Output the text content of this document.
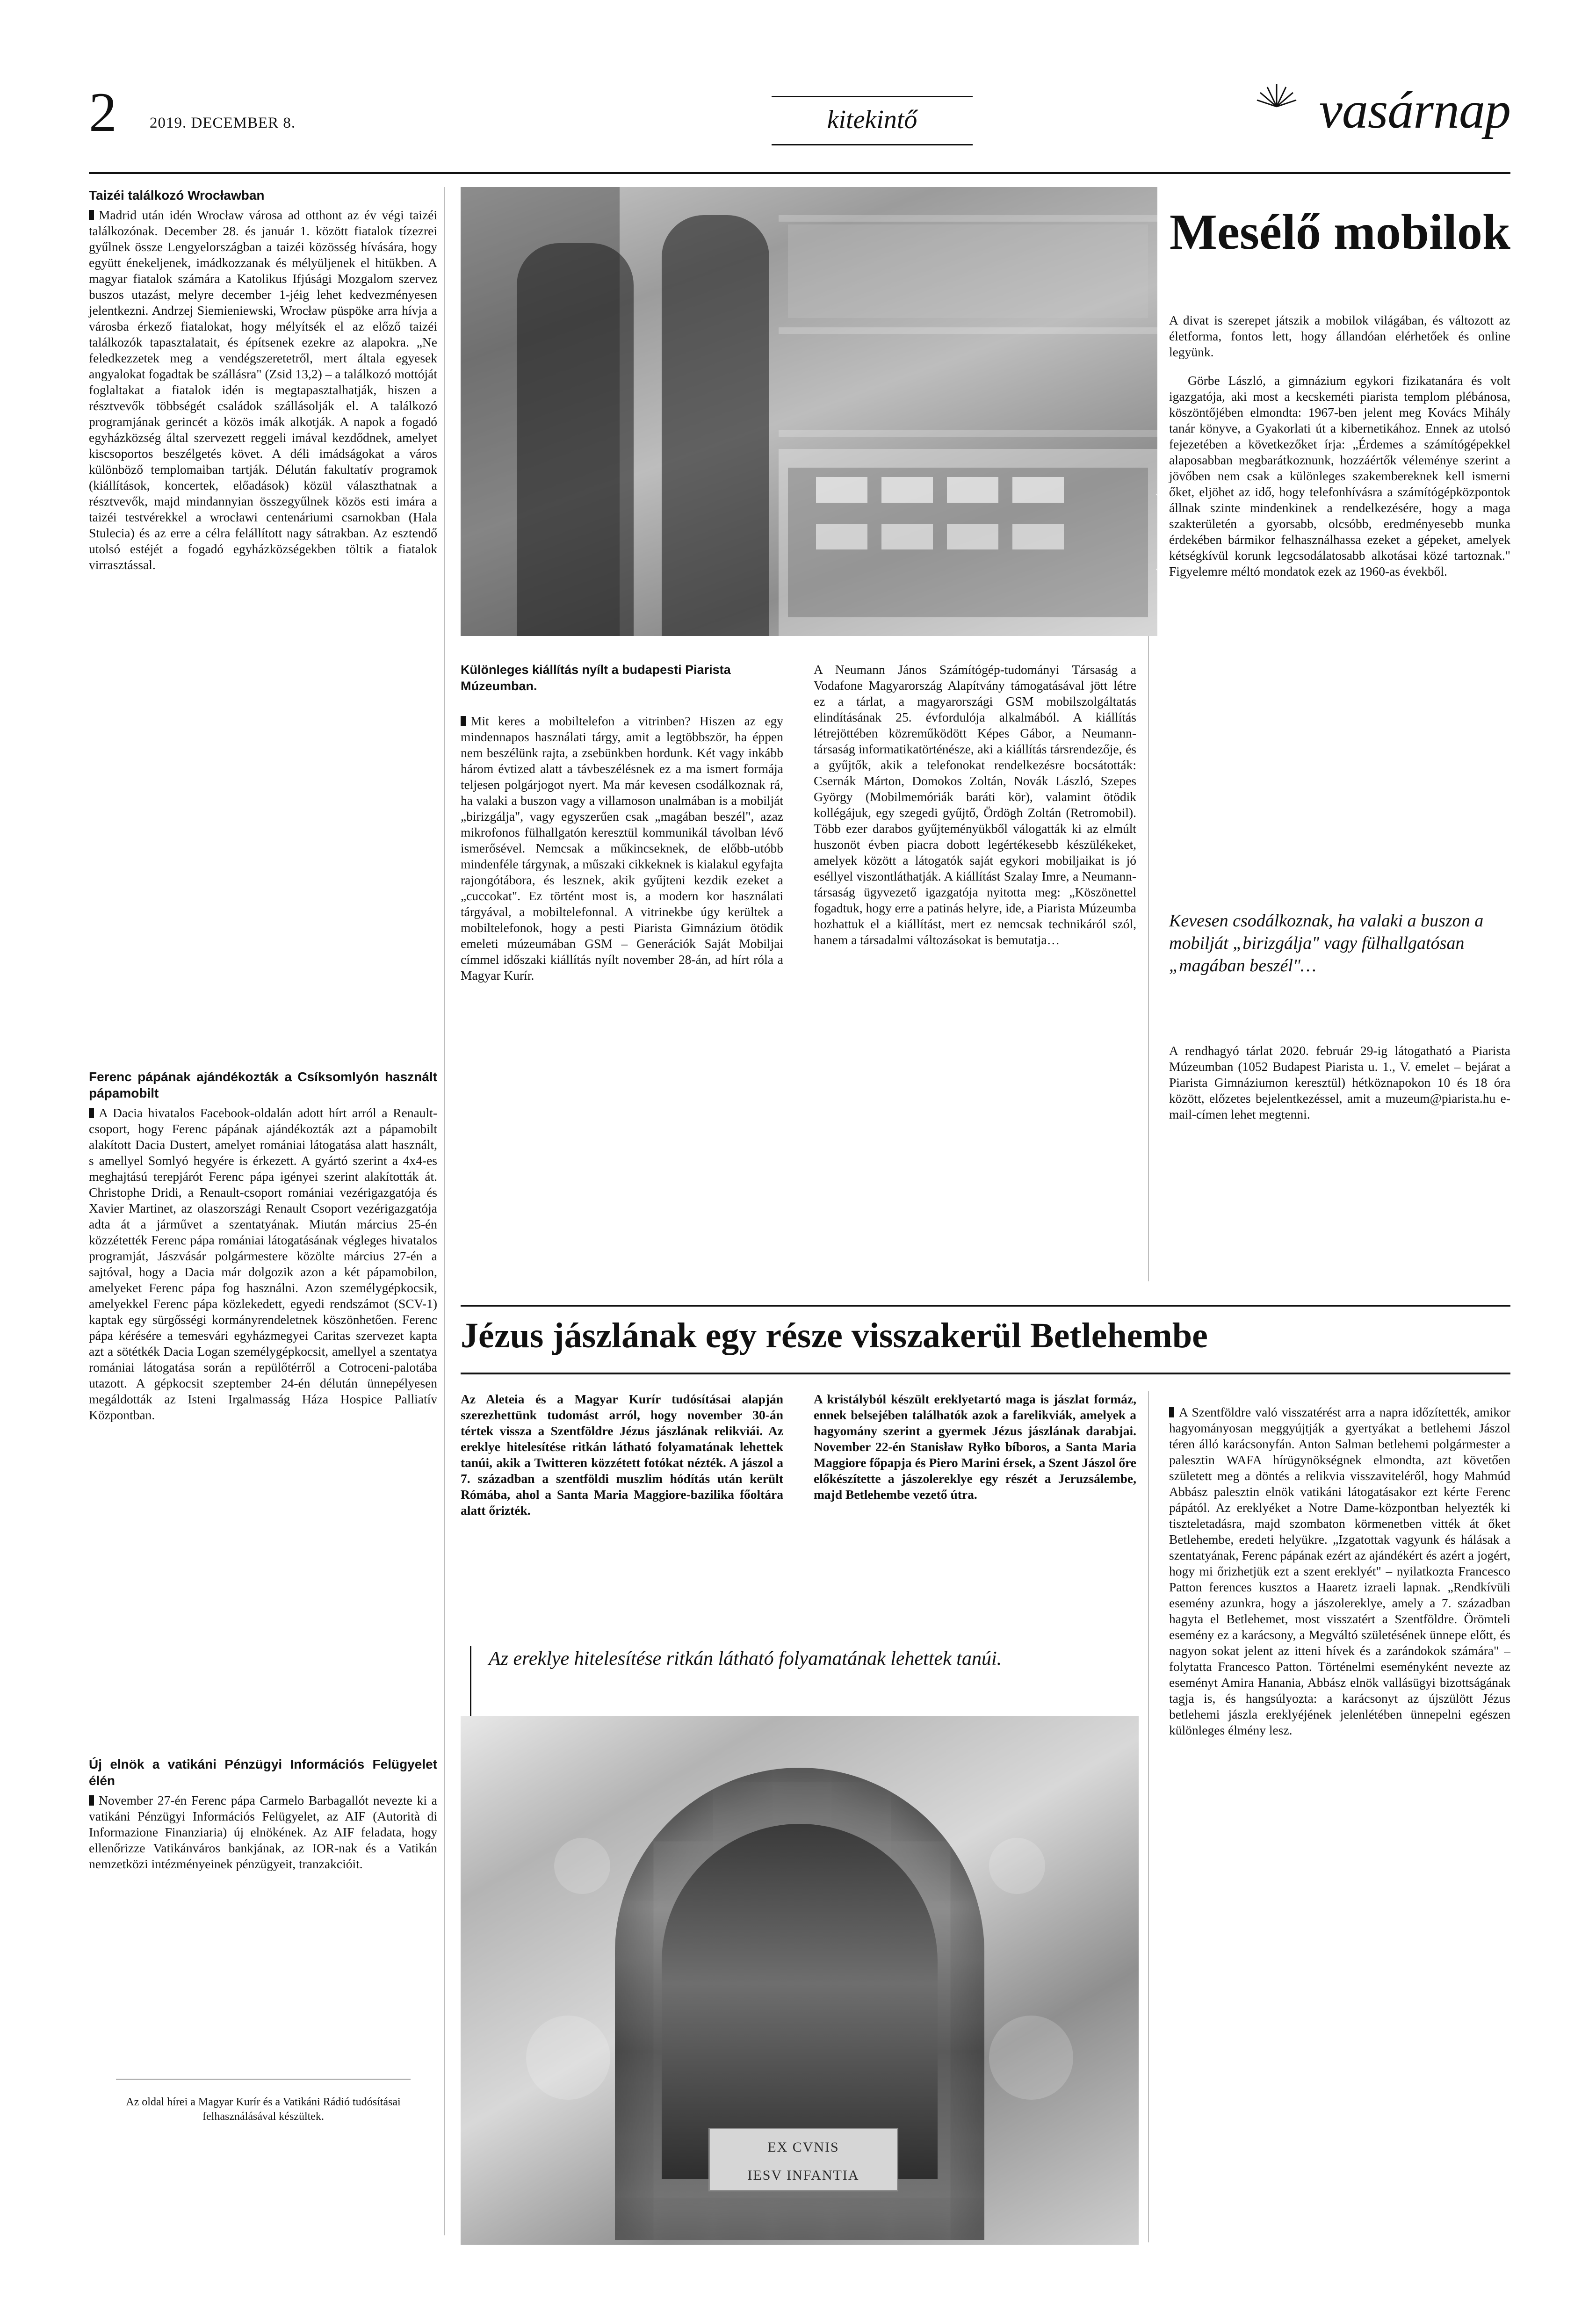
2 2019. DECEMBER 8.	kitekintő	vasárnap
Taizéi találkozó Wrocławban

Madrid után idén Wrocław városa ad otthont az év végi taizéi találkozónak. December 28. és január 1. között fiatalok tízezrei gyűlnek össze Lengyelországban a taizéi közösség hívására, hogy együtt énekeljenek, imádkozzanak és mélyüljenek el hitükben. A magyar fiatalok számára a Katolikus Ifjúsági Mozgalom szervez buszos utazást, melyre december 1-jéig lehet kedvezményesen jelentkezni. Andrzej Siemieniewski, Wrocław püspöke arra hívja a városba érkező fiatalokat, hogy mélyítsék el az előző taizéi találkozók tapasztalatait, és építsenek ezekre az alapokra. „Ne feledkezzetek meg a vendégszeretetről, mert általa egyesek angyalokat fogadtak be szállásra" (Zsid 13,2) – a találkozó mottóját foglaltakat a fiatalok idén is megtapasztalhatják, hiszen a résztvevők többségét családok szállásolják el. A találkozó programjának gerincét a közös imák alkotják. A napok a fogadó egyházközség által szervezett reggeli imával kezdődnek, amelyet kiscsoportos beszélgetés követ. A déli imádságokat a város különböző templomaiban tartják. Délután fakultatív programok (kiállítások, koncertek, előadások) közül választhatnak a résztvevők, majd mindannyian összegyűlnek közös esti imára a taizéi testvérekkel a wrocławi centenáriumi csarnokban (Hala Stulecia) és az erre a célra felállított nagy sátrakban. Az esztendő utolsó estéjét a fogadó egyházközségekben töltik a fiatalok virrasztással.

Ferenc pápának ajándékozták a Csíksomlyón használt pápamobilt

A Dacia hivatalos Facebook-oldalán adott hírt arról a Renault-csoport, hogy Ferenc pápának ajándékozták azt a pápamobilt alakított Dacia Dustert, amelyet romániai látogatása alatt használt, s amellyel Somlyó hegyére is érkezett. A gyártó szerint a 4x4-es meghajtású terepjárót Ferenc pápa igényei szerint alakították át. Christophe Dridi, a Renault-csoport romániai vezérigazgatója és Xavier Martinet, az olaszországi Renault Csoport vezérigazgatója adta át a járművet a szentatyának. Miután március 25-én közzétették Ferenc pápa romániai látogatásának végleges hivatalos programját, Jászvásár polgármestere közölte március 27-én a sajtóval, hogy a Dacia már dolgozik azon a két pápamobilon, amelyeket Ferenc pápa fog használni. Azon személygépkocsik, amelyekkel Ferenc pápa közlekedett, egyedi rendszámot (SCV-1) kaptak egy sürgősségi kormányrendeletnek köszönhetően. Ferenc pápa kérésére a temesvári egyházmegyei Caritas szervezet kapta azt a sötétkék Dacia Logan személygépkocsit, amellyel a szentatya romániai látogatása során a repülőtérről a Cotroceni-palotába utazott. A gépkocsit szeptember 24-én délután ünnepélyesen megáldották az Isteni Irgalmasság Háza Hospice Palliatív Központban.

Új elnök a vatikáni Pénzügyi Információs Felügyelet élén

November 27-én Ferenc pápa Carmelo Barbagallót nevezte ki a vatikáni Pénzügyi Információs Felügyelet, az AIF (Autorità di Informazione Finanziaria) új elnökének. Az AIF feladata, hogy ellenőrizze Vatikánváros bankjának, az IOR-nak és a Vatikán nemzetközi intézményeinek pénzügyeit, tranzakcióit.

Az oldal hírei a Magyar Kurír és a Vatikáni Rádió tudósításai felhasználásával készültek.
FOTÓ: MAGYAR KURÍR
Mesélő mobilok

A divat is szerepet játszik a mobilok világában, és változott az életforma, fontos lett, hogy állandóan elérhetőek és online legyünk.

Görbe László, a gimnázium egykori fizikatanára és volt igazgatója, aki most a kecskeméti piarista templom plébánosa, köszöntőjében elmondta: 1967-ben jelent meg Kovács Mihály tanár könyve, a Gyakorlati út a kibernetikához. Ennek az utolsó fejezetében a következőket írja: „Érdemes a számítógépekkel alaposabban megbarátkoznunk, hozzáértők véleménye szerint a jövőben nem csak a különleges szakembereknek kell ismerni őket, eljöhet az idő, hogy telefonhívásra a számítógépközpontok állnak szinte mindenkinek a rendelkezésére, hogy a maga szakterületén a gyorsabb, olcsóbb, eredményesebb munka érdekében bármikor felhasználhassa ezeket a gépeket, amelyek kétségkívül korunk legcsodálatosabb alkotásai közé tartoznak." Figyelemre méltó mondatok ezek az 1960-as évekből.

Kevesen csodálkoznak, ha valaki a buszon a mobilját „birizgálja" vagy fülhallgatósan „magában beszél"…
A rendhagyó tárlat 2020. február 29-ig látogatható a Piarista Múzeumban (1052 Budapest Piarista u. 1., V. emelet – bejárat a Piarista Gimnáziumon keresztül) hétköznapokon 10 és 18 óra között, előzetes bejelentkezéssel, amit a muzeum@piarista.hu e-mail-címen lehet megtenni.
Különleges kiállítás nyílt a budapesti Piarista Múzeumban.

Mit keres a mobiltelefon a vitrinben? Hiszen az egy mindennapos használati tárgy, amit a legtöbbször, ha éppen nem beszélünk rajta, a zsebünkben hordunk. Két vagy inkább három évtized alatt a távbeszélésnek ez a ma ismert formája teljesen polgárjogot nyert. Ma már kevesen csodálkoznak rá, ha valaki a buszon vagy a villamoson unalmában is a mobilját „birizgálja", vagy egyszerűen csak „magában beszél", azaz mikrofonos fülhallgatón keresztül kommunikál távolban lévő ismerősével. Nemcsak a műkincseknek, de előbb-utóbb mindenféle tárgynak, a műszaki cikkeknek is kialakul egyfajta rajongótábora, és lesznek, akik gyűjteni kezdik ezeket a „cuccokat". Ez történt most is, a modern kor használati tárgyával, a mobiltelefonnal. A vitrinekbe úgy kerültek a mobiltelefonok, hogy a pesti Piarista Gimnázium ötödik emeleti múzeumában GSM – Generációk Saját Mobiljai címmel időszaki kiállítás nyílt november 28-án, ad hírt róla a Magyar Kurír.

A Neumann János Számítógép-tudományi Társaság a Vodafone Magyarország Alapítvány támogatásával jött létre ez a tárlat, a magyarországi GSM mobilszolgáltatás elindításának 25. évfordulója alkalmából. A kiállítás létrejöttében közreműködött Képes Gábor, a Neumann-társaság informatikatörténésze, aki a kiállítás társrendezője, és a gyűjtők, akik a telefonokat rendelkezésre bocsátották: Csernák Márton, Domokos Zoltán, Novák László, Szepes György (Mobilmemóriák baráti kör), valamint ötödik kollégájuk, egy szegedi gyűjtő, Ördögh Zoltán (Retromobil). Több ezer darabos gyűjteményükből válogatták ki az elmúlt huszonöt évben piacra dobott legértékesebb készülékeket, amelyek között a látogatók saját egykori mobiljaikat is jó eséllyel viszontláthatják. A kiállítást Szalay Imre, a Neumann-társaság ügyvezető igazgatója nyitotta meg: „Köszönettel fogadtuk, hogy erre a patinás helyre, ide, a Piarista Múzeumba hozhattuk el a kiállítást, mert ez nemcsak technikáról szól, hanem a társadalmi változásokat is bemutatja…
Jézus jászlának egy része visszakerül Betlehembe
Az Aleteia és a Magyar Kurír tudósításai alapján szerezhettünk tudomást arról, hogy november 30-án tértek vissza a Szentföldre Jézus jászlának relikviái. Az ereklye hitelesítése ritkán látható folyamatának lehettek tanúi, akik a Twitteren közzétett fotókat nézték. A jászol a 7. században a szentföldi muszlim hódítás után került Rómába, ahol a Santa Maria Maggiore-bazilika főoltára alatt őrizték.
A kristályból készült ereklyetartó maga is jászlat formáz, ennek belsejében találhatók azok a farelikviák, amelyek a hagyomány szerint a gyermek Jézus jászlának darabjai. November 22-én Stanisław Ryłko bíboros, a Santa Maria Maggiore főpapja és Piero Marini érsek, a Szent Jászol őre előkészítette a jászolereklye egy részét a Jeruzsálembe, majd Betlehembe vezető útra.

A Szentföldre való visszatérést arra a napra időzítették, amikor hagyományosan meggyújtják a gyertyákat a betlehemi Jászol téren álló karácsonyfán. Anton Salman betlehemi polgármester a palesztin WAFA hírügynökségnek elmondta, azt követően született meg a döntés a relikvia visszaviteléről, hogy Mahmúd Abbász palesztin elnök vatikáni látogatásakor ezt kérte Ferenc pápától. Az ereklyéket a Notre Dame-központban helyezték ki tiszteletadásra, majd szombaton körmenetben vitték át őket Betlehembe, eredeti helyükre. „Izgatottak vagyunk és hálásak a szentatyának, Ferenc pápának ezért az ajándékért és azért a jogért, hogy mi őrizhetjük ezt a szent ereklyét" – nyilatkozta Francesco Patton ferences kusztos a Haaretz izraeli lapnak. „Rendkívüli esemény azunkra, hogy a jászolereklye, amely a 7. században hagyta el Betlehemet, most visszatért a Szentföldre. Örömteli esemény ez a karácsony, a Megváltó születésének ünnepe előtt, és nagyon sokat jelent az itteni hívek és a zarándokok számára" – folytatta Francesco Patton. Történelmi eseményként nevezte az eseményt Amira Hanania, Abbász elnök vallásügyi bizottságának tagja is, és hangsúlyozta: a karácsonyt az újszülött Jézus betlehemi jászla ereklyéjének jelenlétében ünnepelni egészen különleges élmény lesz.

Az ereklye hitelesítése ritkán látható folyamatának lehettek tanúi.
EX CVNIS
IESV INFANTIA
